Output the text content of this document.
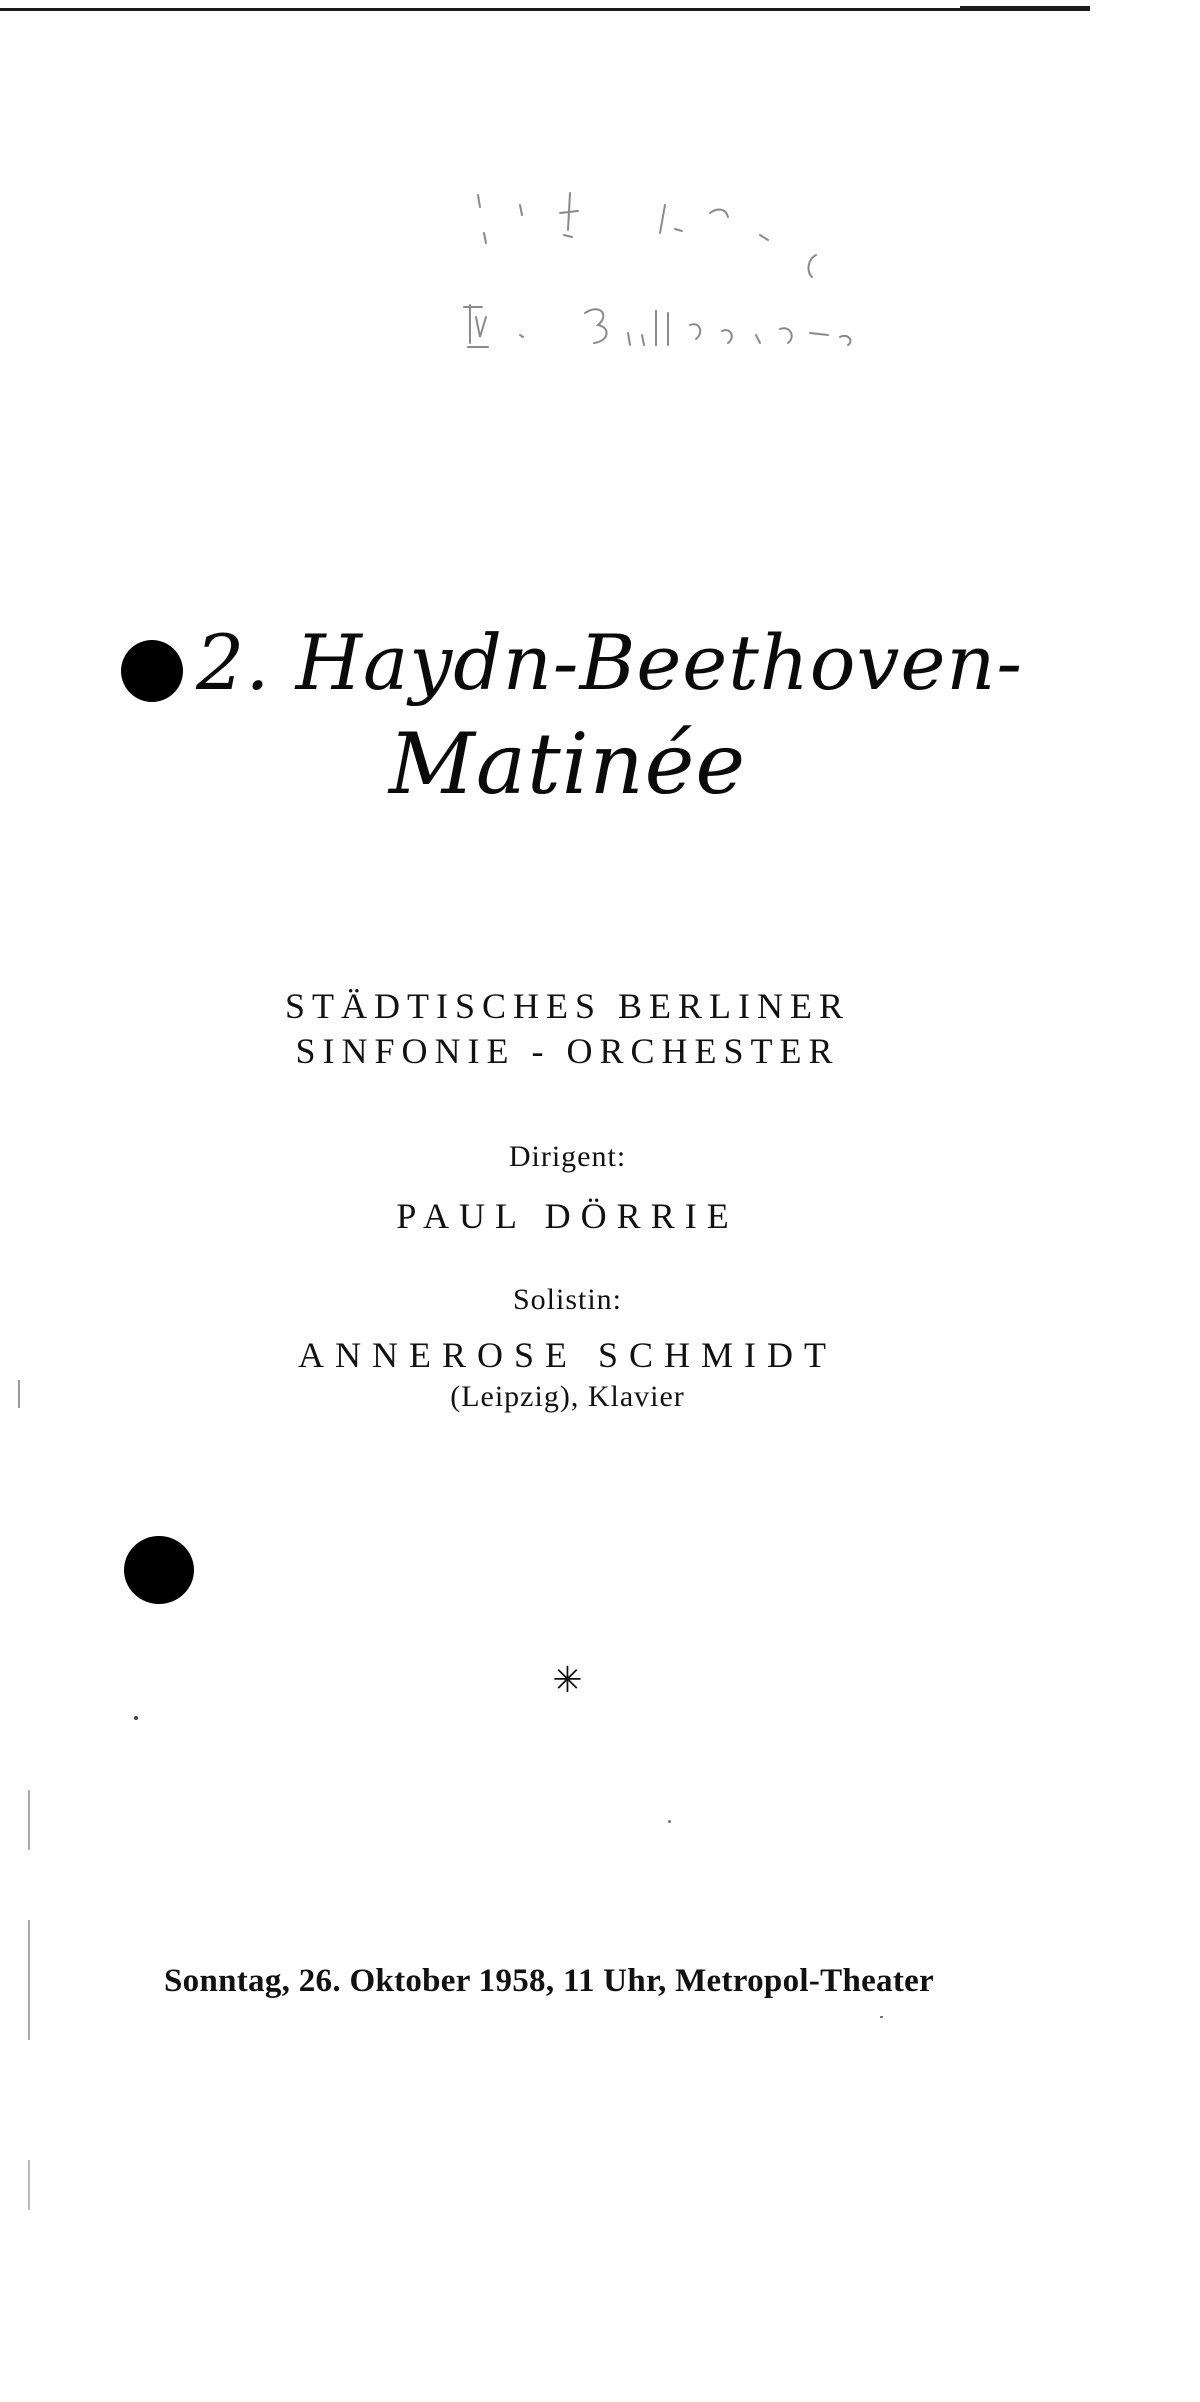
2. Haydn-Beethoven-
Matinée
STÄDTISCHES BERLINER
SINFONIE - ORCHESTER
Dirigent:
PAUL DÖRRIE
Solistin:
ANNEROSE SCHMIDT
(Leipzig), Klavier
✳
Sonntag, 26. Oktober 1958, 11 Uhr, Metropol-Theater
